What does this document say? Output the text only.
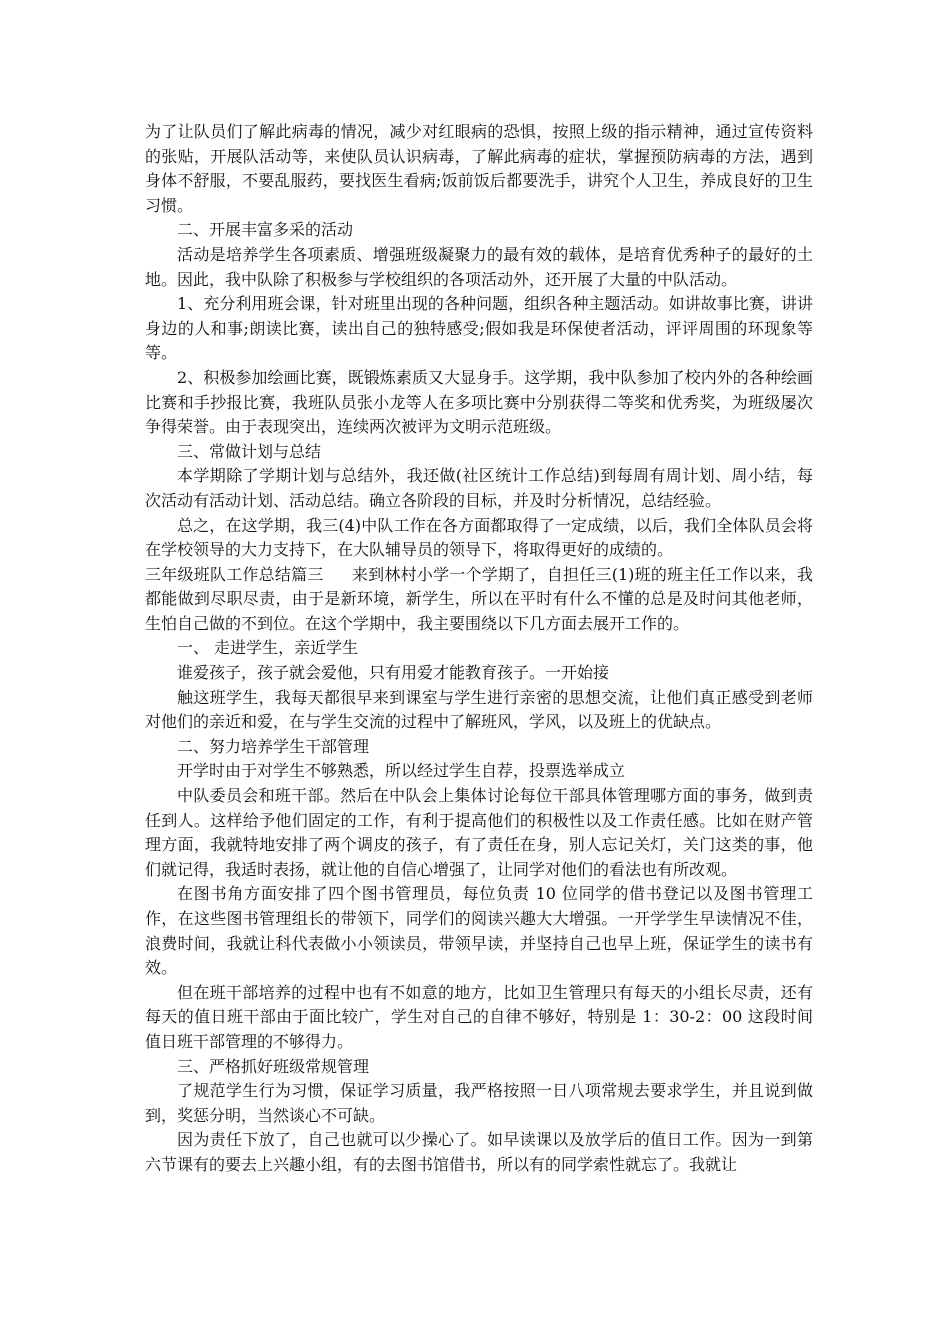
为了让队员们了解此病毒的情况，减少对红眼病的恐惧，按照上级的指示精神，通过宣传资料的张贴，开展队活动等，来使队员认识病毒，了解此病毒的症状，掌握预防病毒的方法，遇到身体不舒服，不要乱服药，要找医生看病;饭前饭后都要洗手，讲究个人卫生，养成良好的卫生习惯。

二、开展丰富多采的活动

活动是培养学生各项素质、增强班级凝聚力的最有效的载体，是培育优秀种子的最好的土地。因此，我中队除了积极参与学校组织的各项活动外，还开展了大量的中队活动。

1、充分利用班会课，针对班里出现的各种问题，组织各种主题活动。如讲故事比赛，讲讲身边的人和事;朗读比赛，读出自己的独特感受;假如我是环保使者活动，评评周围的环现象等等。

2、积极参加绘画比赛，既锻炼素质又大显身手。这学期，我中队参加了校内外的各种绘画比赛和手抄报比赛，我班队员张小龙等人在多项比赛中分别获得二等奖和优秀奖，为班级屡次争得荣誉。由于表现突出，连续两次被评为文明示范班级。

三、常做计划与总结

本学期除了学期计划与总结外，我还做(社区统计工作总结)到每周有周计划、周小结，每次活动有活动计划、活动总结。确立各阶段的目标，并及时分析情况，总结经验。

总之，在这学期，我三(4)中队工作在各方面都取得了一定成绩，以后，我们全体队员会将在学校领导的大力支持下，在大队辅导员的领导下，将取得更好的成绩的。

三年级班队工作总结篇三 来到林村小学一个学期了，自担任三(1)班的班主任工作以来，我都能做到尽职尽责，由于是新环境，新学生，所以在平时有什么不懂的总是及时问其他老师，生怕自己做的不到位。在这个学期中，我主要围绕以下几方面去展开工作的。

一、 走进学生，亲近学生

谁爱孩子，孩子就会爱他，只有用爱才能教育孩子。一开始接

触这班学生，我每天都很早来到课室与学生进行亲密的思想交流，让他们真正感受到老师对他们的亲近和爱，在与学生交流的过程中了解班风，学风，以及班上的优缺点。

二、努力培养学生干部管理

开学时由于对学生不够熟悉，所以经过学生自荐，投票选举成立

中队委员会和班干部。然后在中队会上集体讨论每位干部具体管理哪方面的事务，做到责任到人。这样给予他们固定的工作，有利于提高他们的积极性以及工作责任感。比如在财产管理方面，我就特地安排了两个调皮的孩子，有了责任在身，别人忘记关灯，关门这类的事，他们就记得，我适时表扬，就让他的自信心增强了，让同学对他们的看法也有所改观。

在图书角方面安排了四个图书管理员，每位负责 10 位同学的借书登记以及图书管理工作，在这些图书管理组长的带领下，同学们的阅读兴趣大大增强。一开学学生早读情况不佳，浪费时间，我就让科代表做小小领读员，带领早读，并坚持自己也早上班，保证学生的读书有效。

但在班干部培养的过程中也有不如意的地方，比如卫生管理只有每天的小组长尽责，还有每天的值日班干部由于面比较广，学生对自己的自律不够好，特别是 1：30-2：00 这段时间值日班干部管理的不够得力。

三、严格抓好班级常规管理

了规范学生行为习惯，保证学习质量，我严格按照一日八项常规去要求学生，并且说到做到，奖惩分明，当然谈心不可缺。

因为责任下放了，自己也就可以少操心了。如早读课以及放学后的值日工作。因为一到第六节课有的要去上兴趣小组，有的去图书馆借书，所以有的同学索性就忘了。我就让
